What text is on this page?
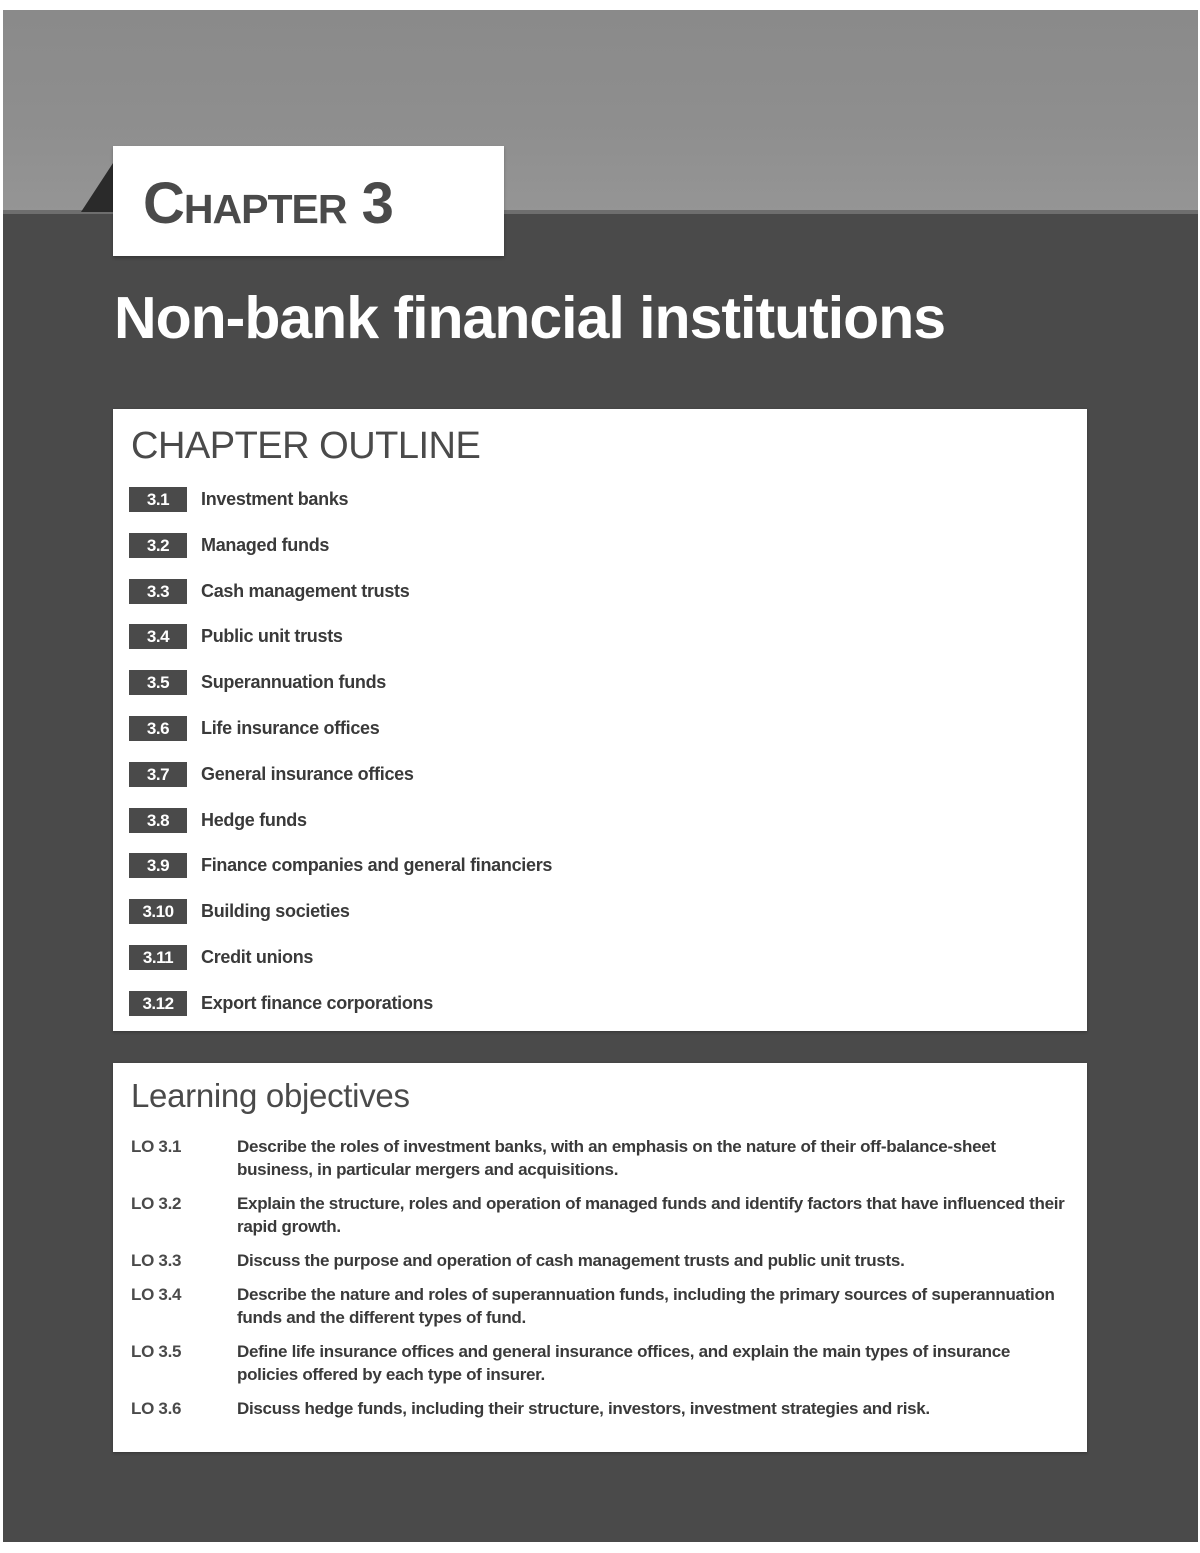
Chapter 3
Non-bank financial institutions
CHAPTER OUTLINE
3.1	Investment banks
3.2	Managed funds
3.3	Cash management trusts
3.4	Public unit trusts
3.5	Superannuation funds
3.6	Life insurance offices
3.7	General insurance offices
3.8	Hedge funds
3.9	Finance companies and general financiers
3.10	Building societies
3.11	Credit unions
3.12	Export finance corporations
Learning objectives
LO 3.1	Describe the roles of investment banks, with an emphasis on the nature of their off-balance-sheet business, in particular mergers and acquisitions.
LO 3.2	Explain the structure, roles and operation of managed funds and identify factors that have influenced their rapid growth.
LO 3.3	Discuss the purpose and operation of cash management trusts and public unit trusts.
LO 3.4	Describe the nature and roles of superannuation funds, including the primary sources of superannuation funds and the different types of fund.
LO 3.5	Define life insurance offices and general insurance offices, and explain the main types of insurance policies offered by each type of insurer.
LO 3.6	Discuss hedge funds, including their structure, investors, investment strategies and risk.
